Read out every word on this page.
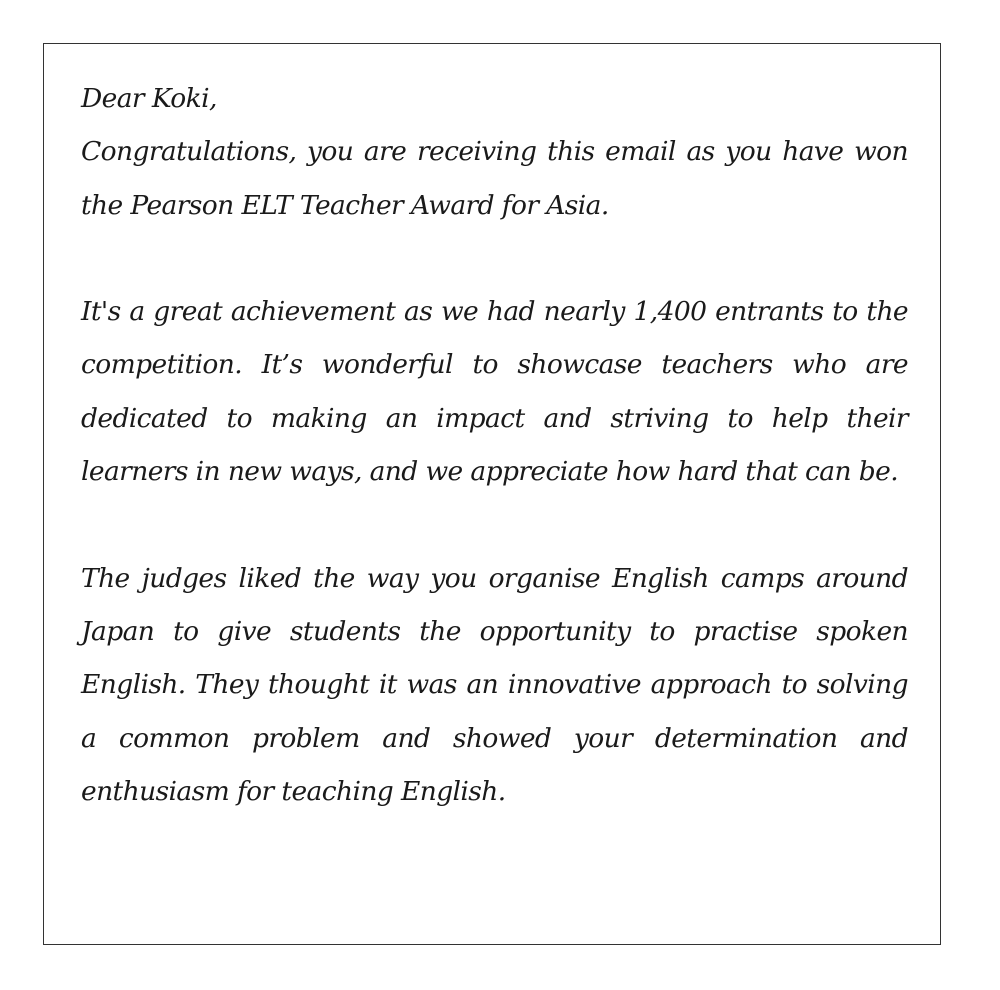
Dear Koki,

Congratulations, you are receiving this email as you have won the Pearson ELT Teacher Award for Asia.

It's a great achievement as we had nearly 1,400 entrants to the competition. It’s wonderful to showcase teachers who are dedicated to making an impact and striving to help their learners in new ways, and we appreciate how hard that can be.

The judges liked the way you organise English camps around Japan to give students the opportunity to practise spoken English. They thought it was an innovative approach to solving a common problem and showed your determination and enthusiasm for teaching English.
